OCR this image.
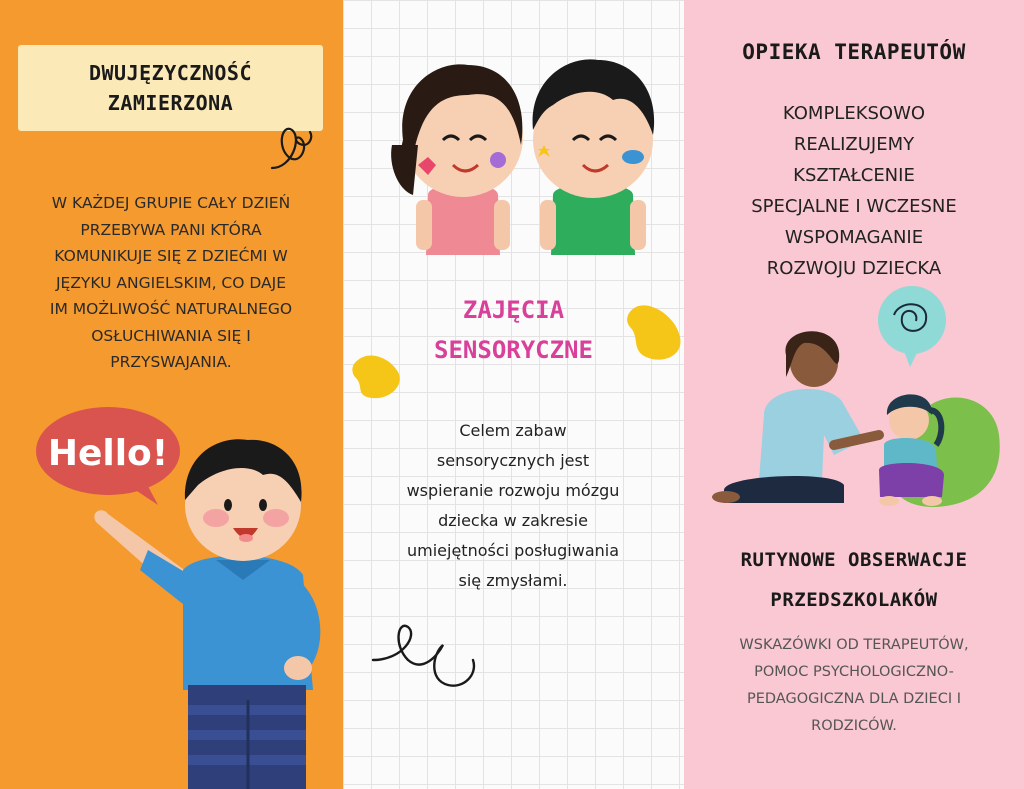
DWUJĘZYCZNOŚĆ
ZAMIERZONA
W KAŻDEJ GRUPIE CAŁY DZIEŃ
PRZEBYWA PANI KTÓRA
KOMUNIKUJE SIĘ Z DZIEĆMI W
JĘZYKU ANGIELSKIM, CO DAJE
IM MOŻLIWOŚĆ NATURALNEGO
OSŁUCHIWANIA SIĘ I
PRZYSWAJANIA.
Hello!
ZAJĘCIA
SENSORYCZNE
Celem zabaw
sensorycznych jest
wspieranie rozwoju mózgu
dziecka w zakresie
umiejętności posługiwania
się zmysłami.
OPIEKA TERAPEUTÓW
KOMPLEKSOWO
REALIZUJEMY
KSZTAŁCENIE
SPECJALNE I WCZESNE
WSPOMAGANIE
ROZWOJU DZIECKA
RUTYNOWE OBSERWACJE
PRZEDSZKOLAKÓW
WSKAZÓWKI OD TERAPEUTÓW,
POMOC PSYCHOLOGICZNO-
PEDAGOGICZNA DLA DZIECI I
RODZICÓW.
